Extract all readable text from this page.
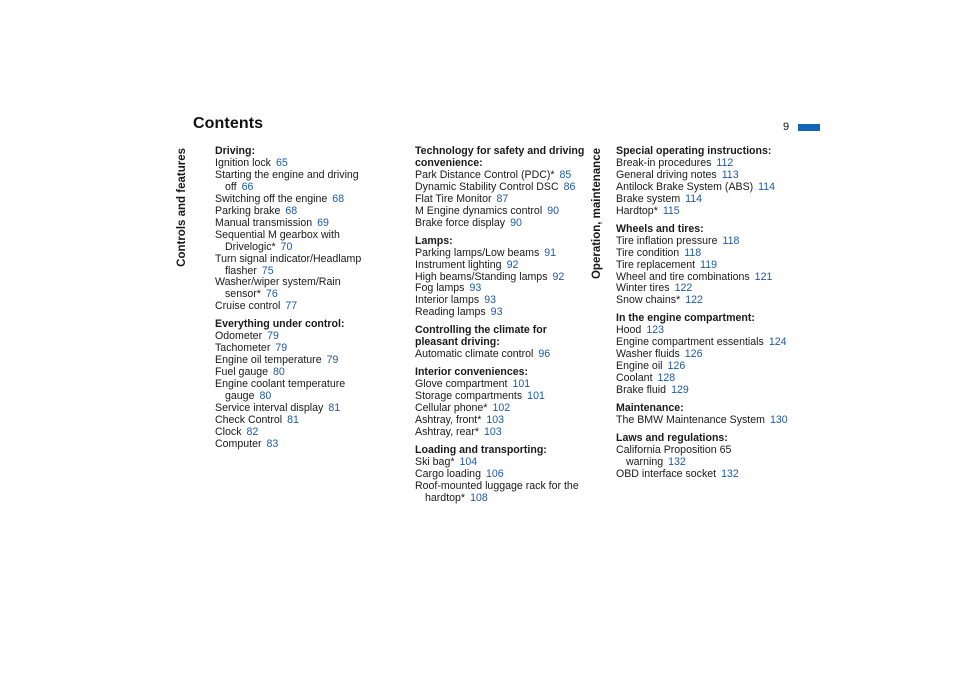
Contents	9
Controls and features	Operation, maintenance
Driving:
Ignition lock 65
Starting the engine and driving off 66
Switching off the engine 68
Parking brake 68
Manual transmission 69
Sequential M gearbox with Drivelogic* 70
Turn signal indicator/Headlamp flasher 75
Washer/wiper system/Rain sensor* 76
Cruise control 77
Everything under control:
Odometer 79
Tachometer 79
Engine oil temperature 79
Fuel gauge 80
Engine coolant temperature gauge 80
Service interval display 81
Check Control 81
Clock 82
Computer 83
Technology for safety and driving convenience:
Park Distance Control (PDC)* 85
Dynamic Stability Control DSC 86
Flat Tire Monitor 87
M Engine dynamics control 90
Brake force display 90
Lamps:
Parking lamps/Low beams 91
Instrument lighting 92
High beams/Standing lamps 92
Fog lamps 93
Interior lamps 93
Reading lamps 93
Controlling the climate for pleasant driving:
Automatic climate control 96
Interior conveniences:
Glove compartment 101
Storage compartments 101
Cellular phone* 102
Ashtray, front* 103
Ashtray, rear* 103
Loading and transporting:
Ski bag* 104
Cargo loading 106
Roof-mounted luggage rack for the hardtop* 108
Special operating instructions:
Break-in procedures 112
General driving notes 113
Antilock Brake System (ABS) 114
Brake system 114
Hardtop* 115
Wheels and tires:
Tire inflation pressure 118
Tire condition 118
Tire replacement 119
Wheel and tire combinations 121
Winter tires 122
Snow chains* 122
In the engine compartment:
Hood 123
Engine compartment essentials 124
Washer fluids 126
Engine oil 126
Coolant 128
Brake fluid 129
Maintenance:
The BMW Maintenance System 130
Laws and regulations:
California Proposition 65 warning 132
OBD interface socket 132
